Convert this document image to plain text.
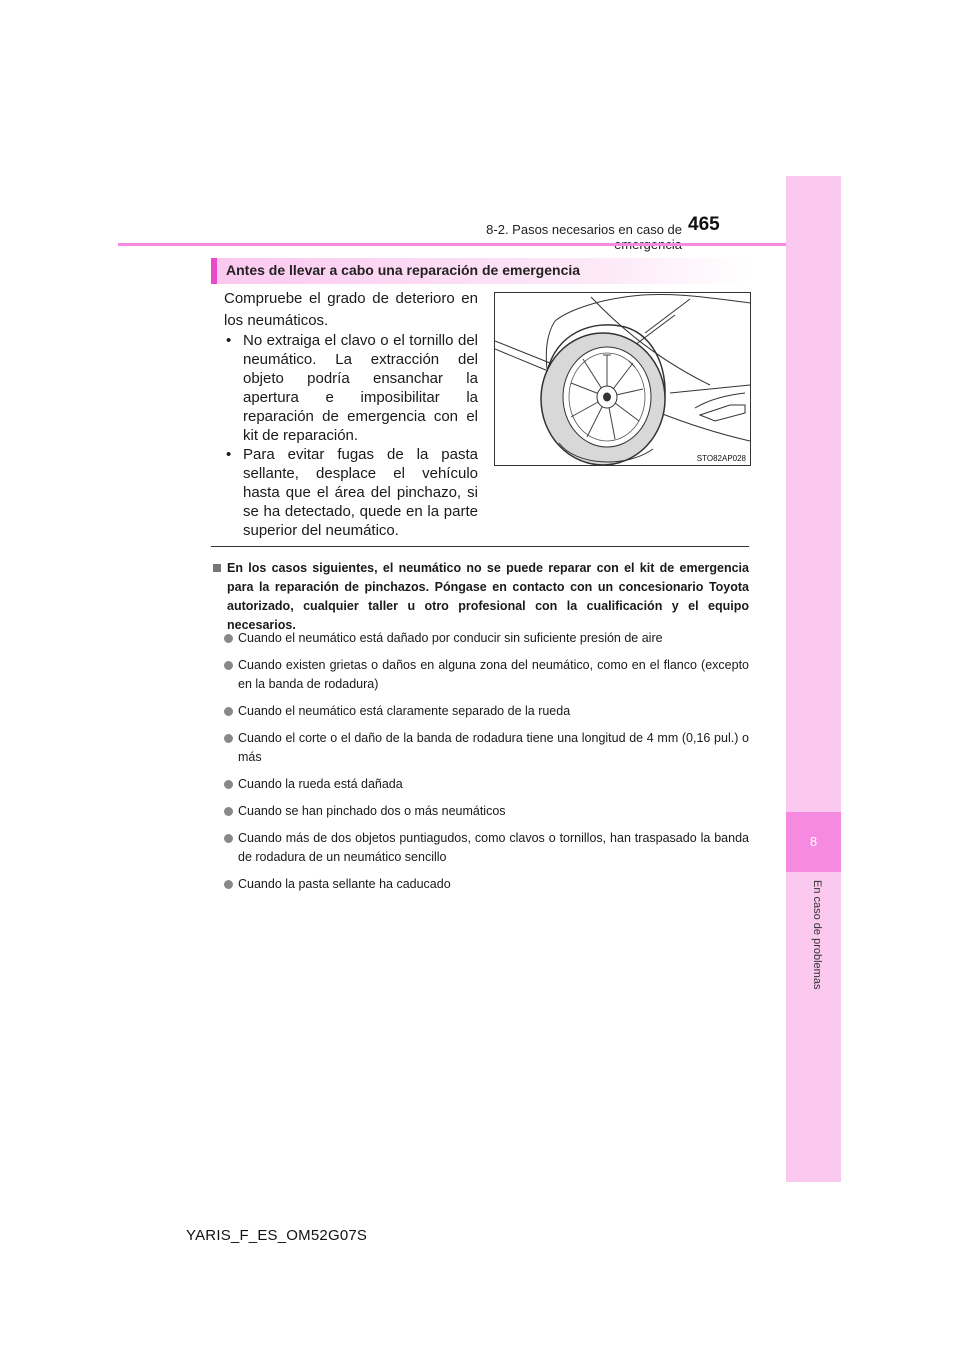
8
En caso de problemas
8-2. Pasos necesarios en caso de 465
Antes de llevar a cabo una reparación de emergencia
Compruebe el grado de deterioro en los neumáticos.
• No extraiga el clavo o el tornillo del neumático. La extracción del objeto podría ensanchar la apertura e imposibilitar la reparación de emergencia con el kit de reparación.
• Para evitar fugas de la pasta sellante, desplace el vehículo hasta que el área del pinchazo, si se ha detectado, quede en la parte superior del neumático.
STO82AP028
En los casos siguientes, el neumático no se puede reparar con el kit de emergencia para la reparación de pinchazos. Póngase en contacto con un concesionario Toyota autorizado, cualquier taller u otro profesional con la cualificación y el equipo necesarios.
Cuando el neumático está dañado por conducir sin suficiente presión de aire
Cuando existen grietas o daños en alguna zona del neumático, como en el flanco (excepto en la banda de rodadura)
Cuando el neumático está claramente separado de la rueda
Cuando el corte o el daño de la banda de rodadura tiene una longitud de 4 mm (0,16 pul.) o más
Cuando la rueda está dañada
Cuando se han pinchado dos o más neumáticos
Cuando más de dos objetos puntiagudos, como clavos o tornillos, han traspasado la banda de rodadura de un neumático sencillo
Cuando la pasta sellante ha caducado
YARIS_F_ES_OM52G07S
